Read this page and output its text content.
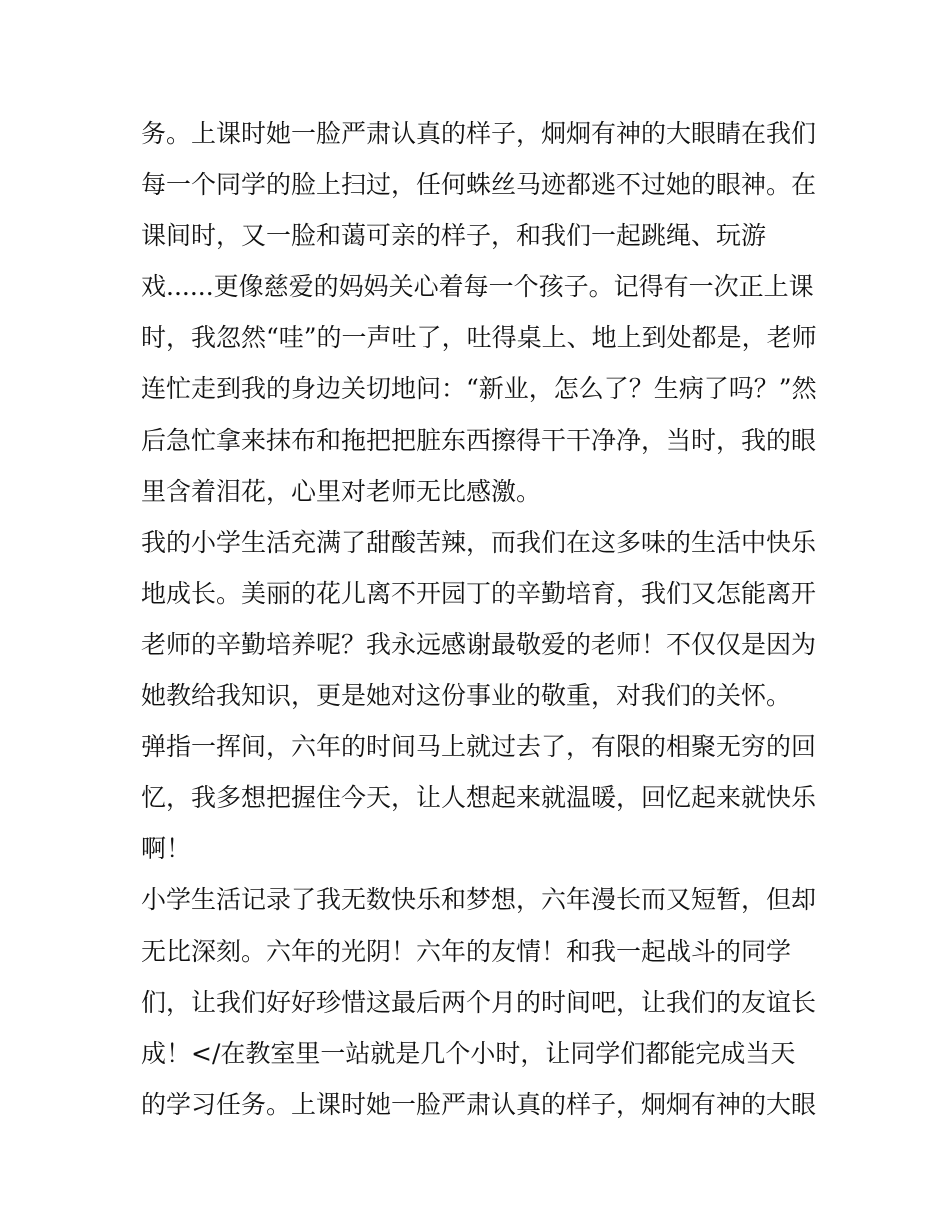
务。上课时她一脸严肃认真的样子，炯炯有神的大眼睛在我们
每一个同学的脸上扫过，任何蛛丝马迹都逃不过她的眼神。在
课间时，又一脸和蔼可亲的样子，和我们一起跳绳、玩游
戏......更像慈爱的妈妈关心着每一个孩子。记得有一次正上课
时，我忽然“哇”的一声吐了，吐得桌上、地上到处都是，老师
连忙走到我的身边关切地问：“新业，怎么了？生病了吗？”然
后急忙拿来抹布和拖把把脏东西擦得干干净净，当时，我的眼
里含着泪花，心里对老师无比感激。
我的小学生活充满了甜酸苦辣，而我们在这多味的生活中快乐
地成长。美丽的花儿离不开园丁的辛勤培育，我们又怎能离开
老师的辛勤培养呢？我永远感谢最敬爱的老师！不仅仅是因为
她教给我知识，更是她对这份事业的敬重，对我们的关怀。
弹指一挥间，六年的时间马上就过去了，有限的相聚无穷的回
忆，我多想把握住今天，让人想起来就温暖，回忆起来就快乐
啊！
小学生活记录了我无数快乐和梦想，六年漫长而又短暂，但却
无比深刻。六年的光阴！六年的友情！和我一起战斗的同学
们，让我们好好珍惜这最后两个月的时间吧，让我们的友谊长
成！</在教室里一站就是几个小时，让同学们都能完成当天
的学习任务。上课时她一脸严肃认真的样子，炯炯有神的大眼
